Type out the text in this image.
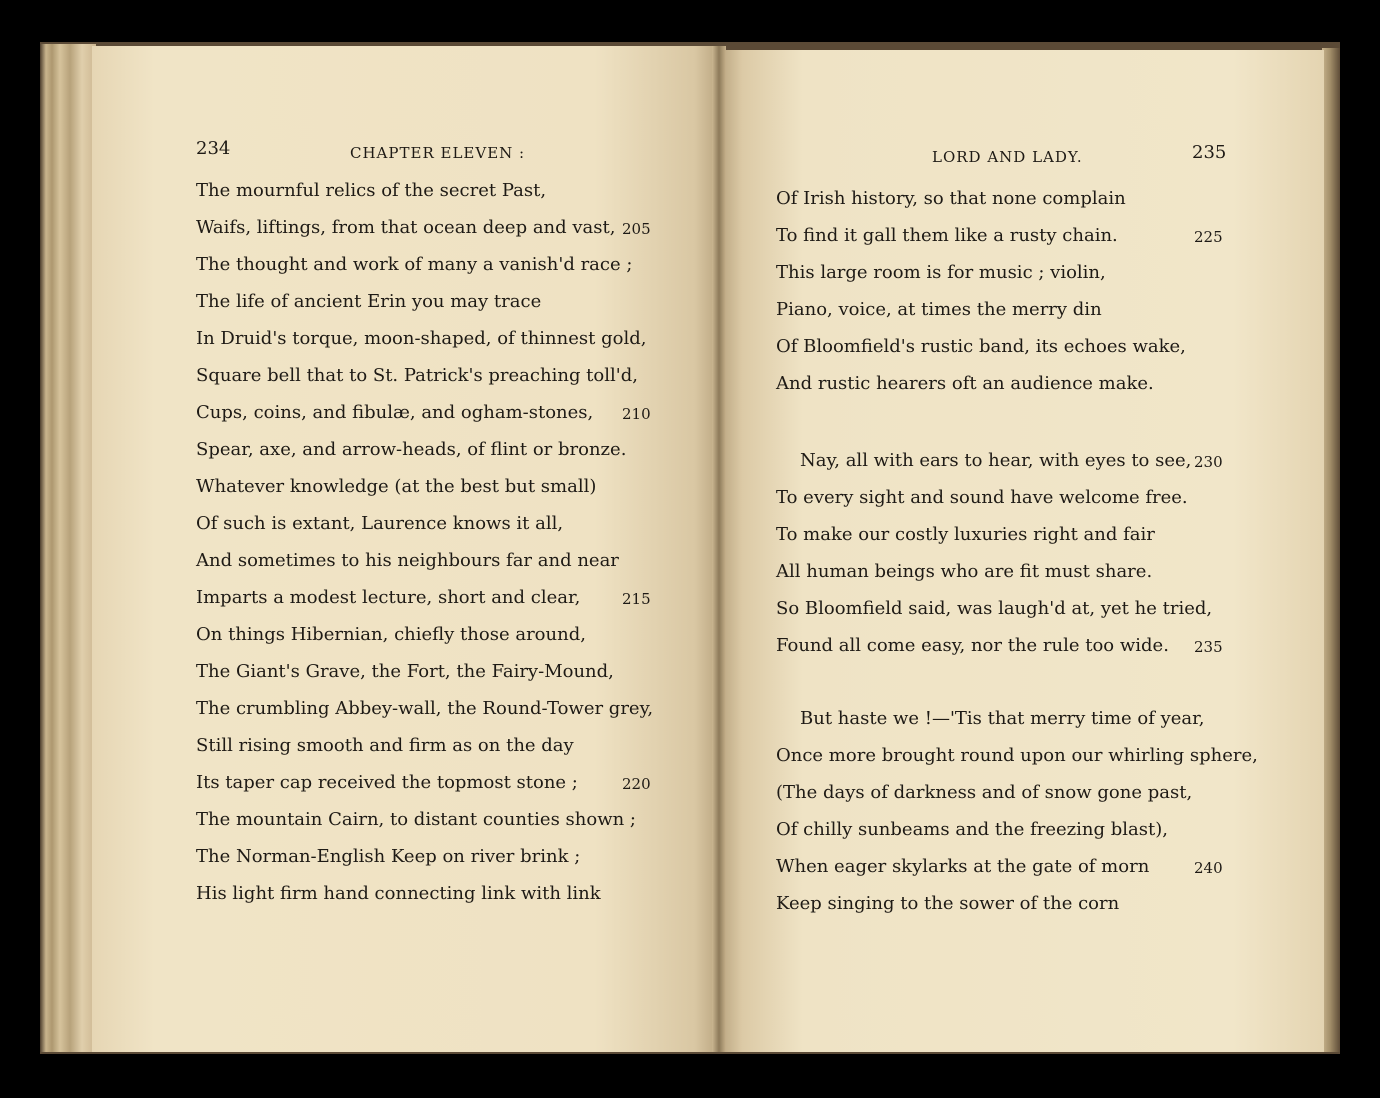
234	CHAPTER ELEVEN :
The mournful relics of the secret Past,
Waifs, liftings, from that ocean deep and vast, 205
The thought and work of many a vanish'd race ;
The life of ancient Erin you may trace
In Druid's torque, moon-shaped, of thinnest gold,
Square bell that to St. Patrick's preaching toll'd,
Cups, coins, and fibulæ, and ogham-stones, 210
Spear, axe, and arrow-heads, of flint or bronze.
Whatever knowledge (at the best but small)
Of such is extant, Laurence knows it all,
And sometimes to his neighbours far and near
Imparts a modest lecture, short and clear,	215
On things Hibernian, chiefly those around,
The Giant's Grave, the Fort, the Fairy-Mound,
The crumbling Abbey-wall, the Round-Tower grey,
Still rising smooth and firm as on the day
Its taper cap received the topmost stone ;	220
The mountain Cairn, to distant counties shown ;
The Norman-English Keep on river brink ;
His light firm hand connecting link with link
235
LORD AND LADY.
Of Irish history, so that none complain
To find it gall them like a rusty chain.	225
This large room is for music ; violin,
Piano, voice, at times the merry din
Of Bloomfield's rustic band, its echoes wake,
And rustic hearers oft an audience make.
Nay, all with ears to hear, with eyes to see, 230
To every sight and sound have welcome free.
To make our costly luxuries right and fair
All human beings who are fit must share.
So Bloomfield said, was laugh'd at, yet he tried,
Found all come easy, nor the rule too wide. 235
But haste we !—'Tis that merry time of year,
Once more brought round upon our whirling sphere,
(The days of darkness and of snow gone past,
Of chilly sunbeams and the freezing blast),
When eager skylarks at the gate of morn	240
Keep singing to the sower of the corn
